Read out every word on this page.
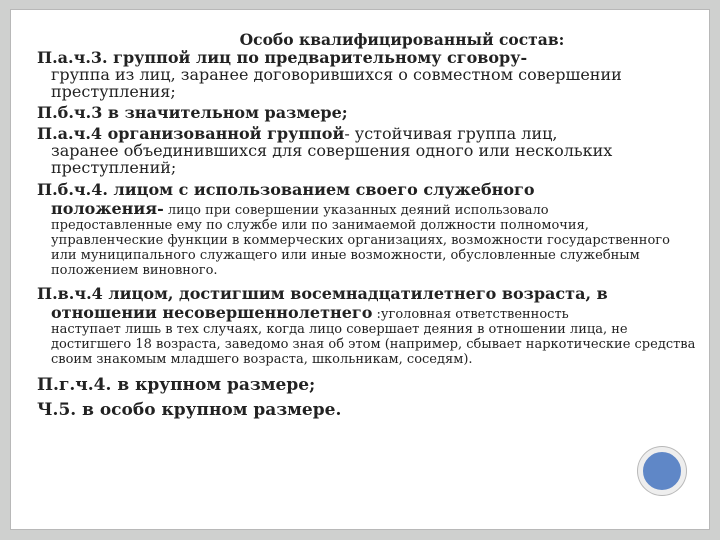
Особо квалифицированный состав:

П.а.ч.3. группой лиц по предварительному сговору-
группа из лиц, заранее договорившихся о совместном совершении преступления;

П.б.ч.3 в значительном размере;

П.а.ч.4 организованной группой- устойчивая группа лиц,
заранее объединившихся для совершения одного или нескольких преступлений;

П.б.ч.4. лицом с использованием своего служебного
положения- лицо при совершении указанных деяний использовало
предоставленные ему по службе или по занимаемой должности полномочия, управленческие функции в коммерческих организациях, возможности государственного или муниципального служащего или иные возможности, обусловленные служебным положением виновного.

П.в.ч.4 лицом, достигшим восемнадцатилетнего возраста, в
отношении несовершеннолетнего :уголовная ответственность
наступает лишь в тех случаях, когда лицо совершает деяния в отношении лица, не достигшего 18 возраста, заведомо зная об этом (например, сбывает наркотические средства своим знакомым младшего возраста, школьникам, соседям).

П.г.ч.4. в крупном размере;

Ч.5. в особо крупном размере.
